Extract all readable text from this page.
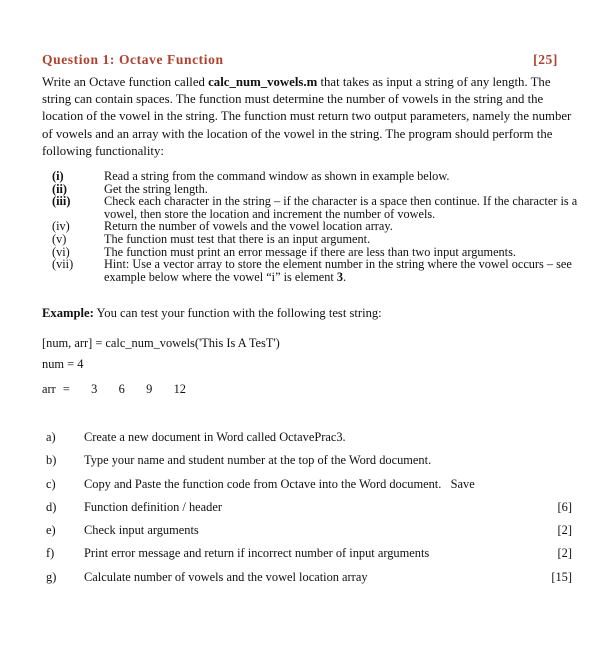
Question 1: Octave Function	[25]
Write an Octave function called calc_num_vowels.m that takes as input a string of any length. The string can contain spaces. The function must determine the number of vowels in the string and the location of the vowel in the string. The function must return two output parameters, namely the number of vowels and an array with the location of the vowel in the string. The program should perform the following functionality:
(i)	Read a string from the command window as shown in example below.
(ii)	Get the string length.
(iii)	Check each character in the string – if the character is a space then continue. If the character is a vowel, then store the location and increment the number of vowels.
(iv)	Return the number of vowels and the vowel location array.
(v)	The function must test that there is an input argument.
(vi)	The function must print an error message if there are less than two input arguments.
(vii)	Hint: Use a vector array to store the element number in the string where the vowel occurs – see example below where the vowel “i” is element 3.
Example: You can test your function with the following test string:
[num, arr] = calc_num_vowels('This Is A TesT')
num = 4
arr =   3   6   9   12
a) Create a new document in Word called OctavePrac3.
b) Type your name and student number at the top of the Word document.
c) Copy and Paste the function code from Octave into the Word document.   Save
d) Function definition / header	[6]
e) Check input arguments	[2]
f) Print error message and return if incorrect number of input arguments	[2]
g) Calculate number of vowels and the vowel location array	[15]
